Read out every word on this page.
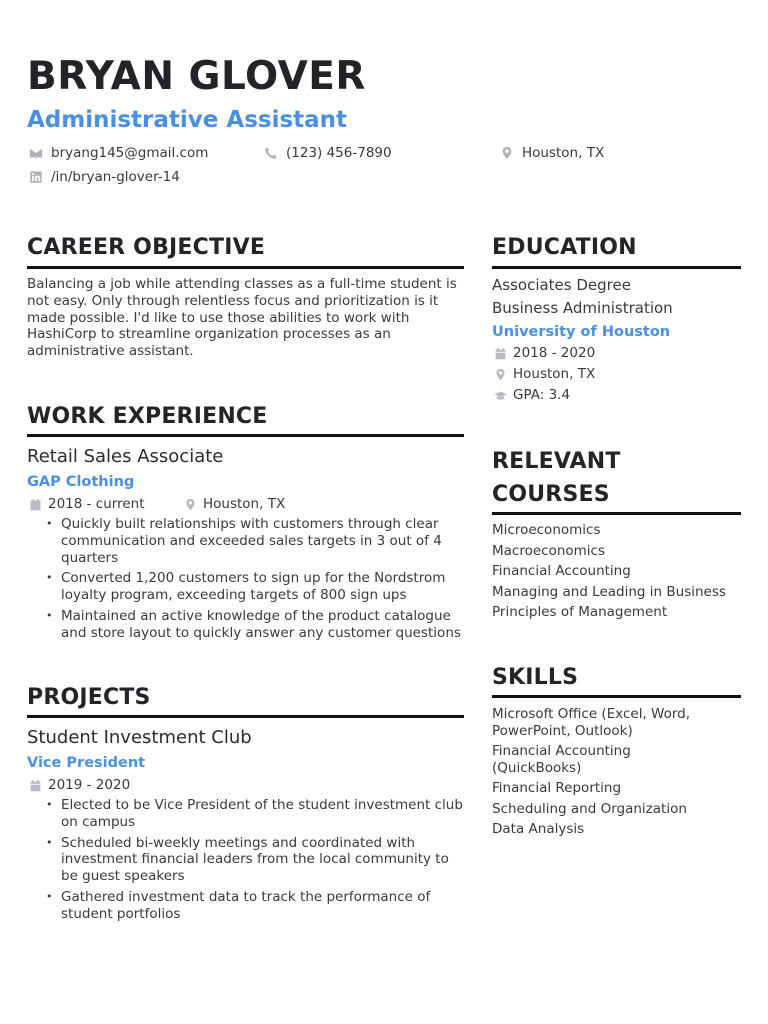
BRYAN GLOVER
Administrative Assistant
bryang145@gmail.com	(123) 456-7890	Houston, TX
/in/bryan-glover-14
CAREER OBJECTIVE
Balancing a job while attending classes as a full-time student is not easy. Only through relentless focus and prioritization is it made possible. I'd like to use those abilities to work with HashiCorp to streamline organization processes as an administrative assistant.
WORK EXPERIENCE
Retail Sales Associate
GAP Clothing
2018 - current	Houston, TX
• Quickly built relationships with customers through clear communication and exceeded sales targets in 3 out of 4 quarters
• Converted 1,200 customers to sign up for the Nordstrom loyalty program, exceeding targets of 800 sign ups
• Maintained an active knowledge of the product catalogue and store layout to quickly answer any customer questions
PROJECTS
Student Investment Club
Vice President
2019 - 2020
• Elected to be Vice President of the student investment club on campus
• Scheduled bi-weekly meetings and coordinated with investment financial leaders from the local community to be guest speakers
• Gathered investment data to track the performance of student portfolios
EDUCATION
Associates Degree
Business Administration
University of Houston
2018 - 2020
Houston, TX
GPA: 3.4
RELEVANT
COURSES
Microeconomics
Macroeconomics
Financial Accounting
Managing and Leading in Business
Principles of Management
SKILLS
Microsoft Office (Excel, Word, PowerPoint, Outlook)
Financial Accounting (QuickBooks)
Financial Reporting
Scheduling and Organization
Data Analysis
